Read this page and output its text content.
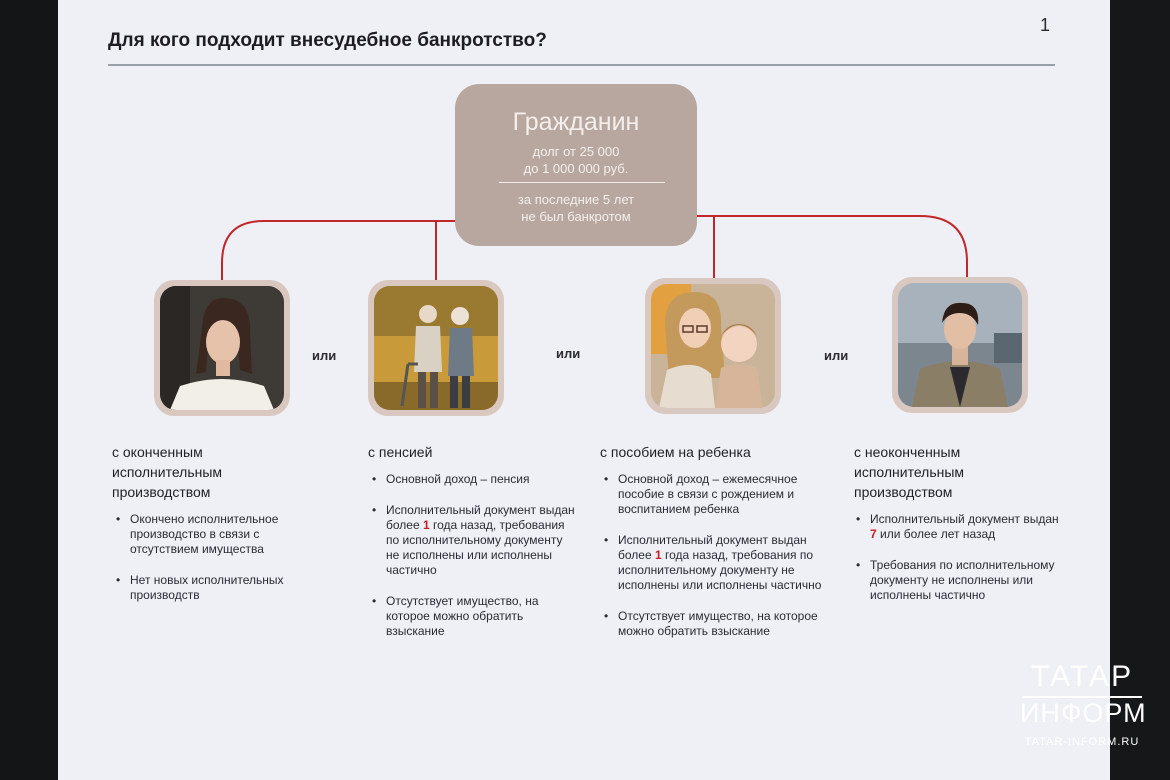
Для кого подходит внесудебное банкротство?
1
Гражданин
долг от 25 000
до 1 000 000 руб.
за последние 5 лет
не был банкротом
или	или	или
с оконченным
исполнительным
производством
• Окончено исполнительное производство в связи с отсутствием имущества
• Нет новых исполнительных производств
с пенсией
• Основной доход – пенсия
• Исполнительный документ выдан более 1 года назад, требования по исполнительному документу не исполнены или исполнены частично
• Отсутствует имущество, на которое можно обратить взыскание
с пособием на ребенка
• Основной доход – ежемесячное пособие в связи с рождением и воспитанием ребенка
• Исполнительный документ выдан более 1 года назад, требования по исполнительному документу не исполнены или исполнены частично
• Отсутствует имущество, на которое можно обратить взыскание
с неоконченным
исполнительным
производством
• Исполнительный документ выдан 7 или более лет назад
• Требования по исполнительному документу не исполнены или исполнены частично
ТАТАР
ИНФОРМ
TATAR-INFORM.RU
